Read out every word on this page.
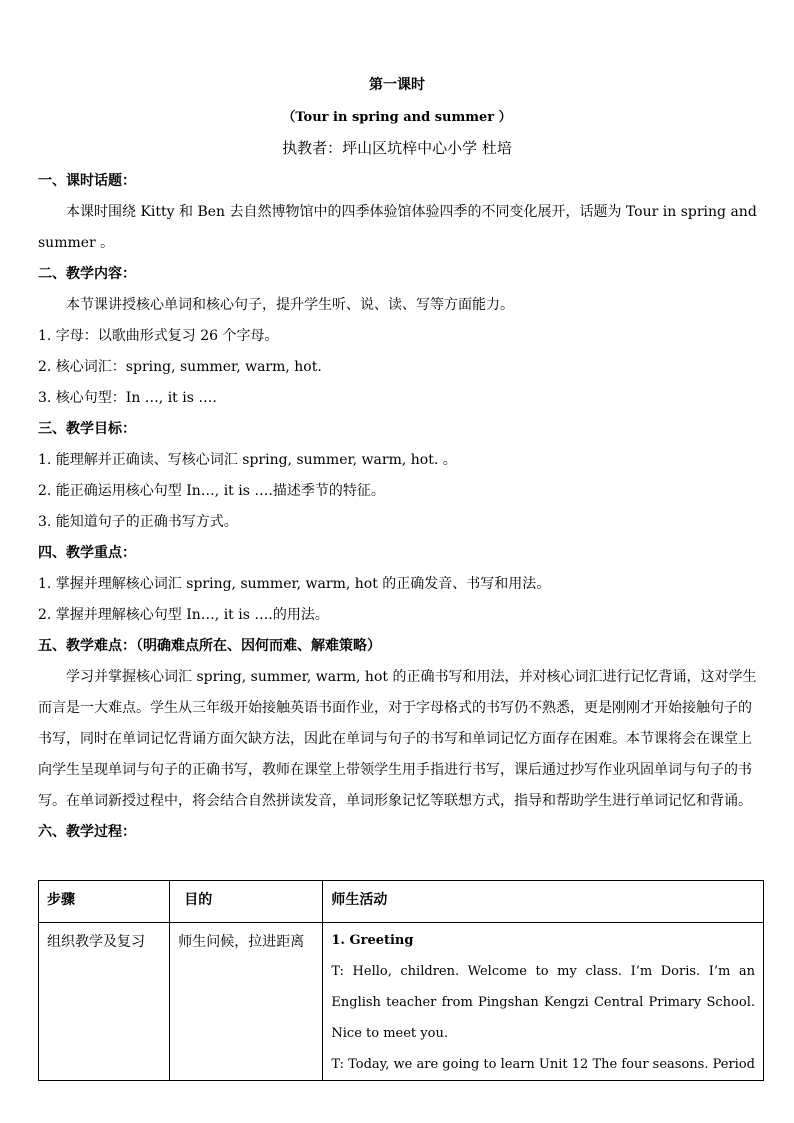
第一课时
（Tour in spring and summer ）
执教者：坪山区坑梓中心小学 杜培
一、课时话题：
本课时围绕 Kitty 和 Ben 去自然博物馆中的四季体验馆体验四季的不同变化展开，话题为 Tour in spring and summer 。
二、教学内容：
本节课讲授核心单词和核心句子，提升学生听、说、读、写等方面能力。
1. 字母：以歌曲形式复习 26 个字母。
2. 核心词汇：spring, summer, warm, hot.
3. 核心句型：In …, it is ….
三、教学目标：
1. 能理解并正确读、写核心词汇 spring, summer, warm, hot. 。
2. 能正确运用核心句型 In…, it is ….描述季节的特征。
3. 能知道句子的正确书写方式。
四、教学重点：
1. 掌握并理解核心词汇 spring, summer, warm, hot 的正确发音、书写和用法。
2. 掌握并理解核心句型 In…, it is ….的用法。
五、教学难点：（明确难点所在、因何而难、解难策略）
学习并掌握核心词汇 spring, summer, warm, hot 的正确书写和用法，并对核心词汇进行记忆背诵，这对学生而言是一大难点。学生从三年级开始接触英语书面作业，对于字母格式的书写仍不熟悉，更是刚刚才开始接触句子的书写，同时在单词记忆背诵方面欠缺方法，因此在单词与句子的书写和单词记忆方面存在困难。本节课将会在课堂上向学生呈现单词与句子的正确书写，教师在课堂上带领学生用手指进行书写，课后通过抄写作业巩固单词与句子的书写。在单词新授过程中，将会结合自然拼读发音，单词形象记忆等联想方式，指导和帮助学生进行单词记忆和背诵。
六、教学过程：
步骤	目的	师生活动
组织教学及复习	师生问候，拉进距离	1. Greeting
T: Hello, children. Welcome to my class. I’m Doris. I’m an English teacher from Pingshan Kengzi Central Primary School. Nice to meet you.
T: Today, we are going to learn Unit 12 The four seasons. Period
